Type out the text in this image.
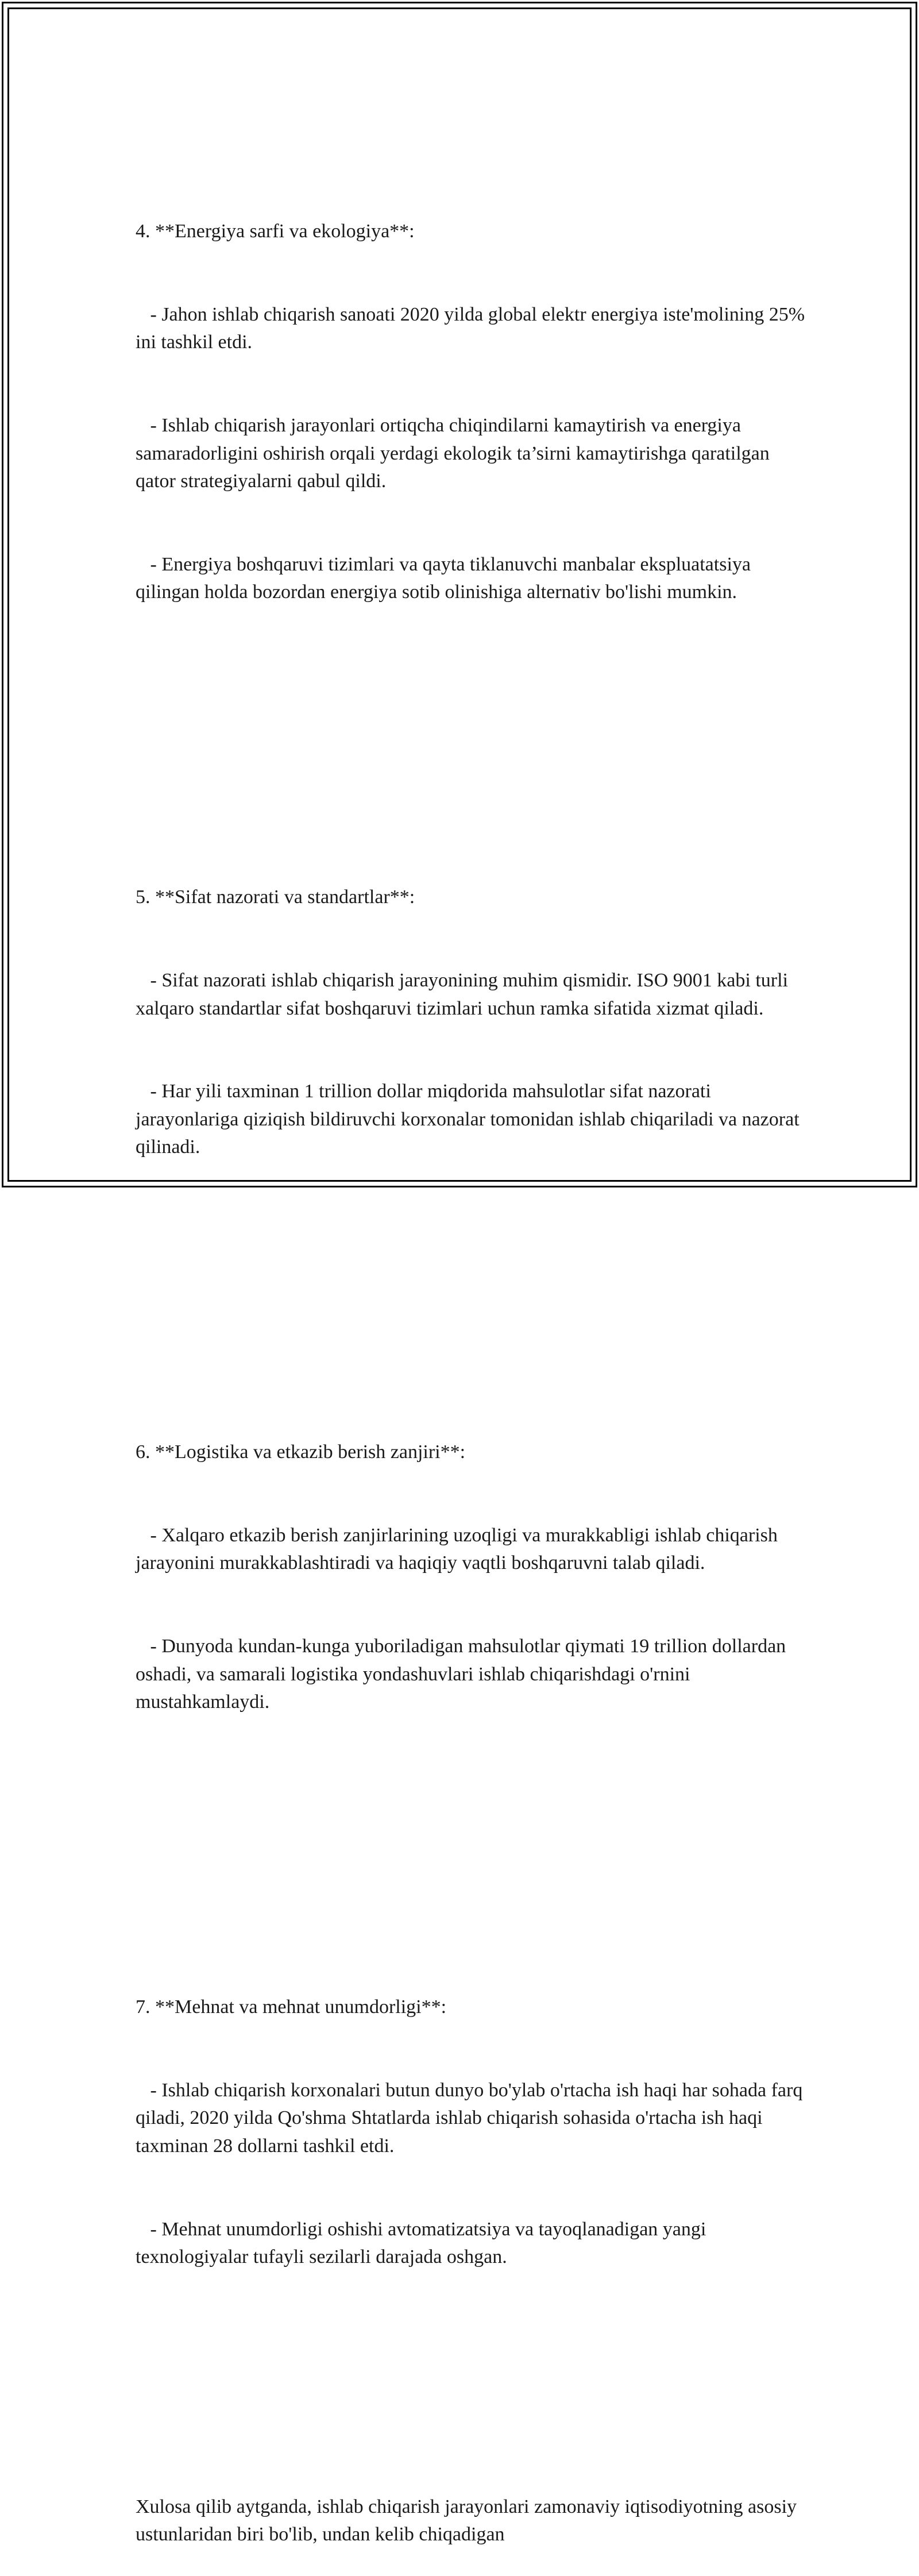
4. **Energiya sarfi va ekologiya**:

- Jahon ishlab chiqarish sanoati 2020 yilda global elektr energiya iste'molining 25% ini tashkil etdi.

- Ishlab chiqarish jarayonlari ortiqcha chiqindilarni kamaytirish va energiya samaradorligini oshirish orqali yerdagi ekologik ta’sirni kamaytirishga qaratilgan qator strategiyalarni qabul qildi.

- Energiya boshqaruvi tizimlari va qayta tiklanuvchi manbalar ekspluatatsiya qilingan holda bozordan energiya sotib olinishiga alternativ bo'lishi mumkin.

5. **Sifat nazorati va standartlar**:

- Sifat nazorati ishlab chiqarish jarayonining muhim qismidir. ISO 9001 kabi turli xalqaro standartlar sifat boshqaruvi tizimlari uchun ramka sifatida xizmat qiladi.

- Har yili taxminan 1 trillion dollar miqdorida mahsulotlar sifat nazorati jarayonlariga qiziqish bildiruvchi korxonalar tomonidan ishlab chiqariladi va nazorat qilinadi.

6. **Logistika va etkazib berish zanjiri**:

- Xalqaro etkazib berish zanjirlarining uzoqligi va murakkabligi ishlab chiqarish jarayonini murakkablashtiradi va haqiqiy vaqtli boshqaruvni talab qiladi.

- Dunyoda kundan-kunga yuboriladigan mahsulotlar qiymati 19 trillion dollardan oshadi, va samarali logistika yondashuvlari ishlab chiqarishdagi o'rnini mustahkamlaydi.

7. **Mehnat va mehnat unumdorligi**:

- Ishlab chiqarish korxonalari butun dunyo bo'ylab o'rtacha ish haqi har sohada farq qiladi, 2020 yilda Qo'shma Shtatlarda ishlab chiqarish sohasida o'rtacha ish haqi taxminan 28 dollarni tashkil etdi.

- Mehnat unumdorligi oshishi avtomatizatsiya va tayoqlanadigan yangi texnologiyalar tufayli sezilarli darajada oshgan.

Xulosa qilib aytganda, ishlab chiqarish jarayonlari zamonaviy iqtisodiyotning asosiy ustunlaridan biri bo'lib, undan kelib chiqadigan
